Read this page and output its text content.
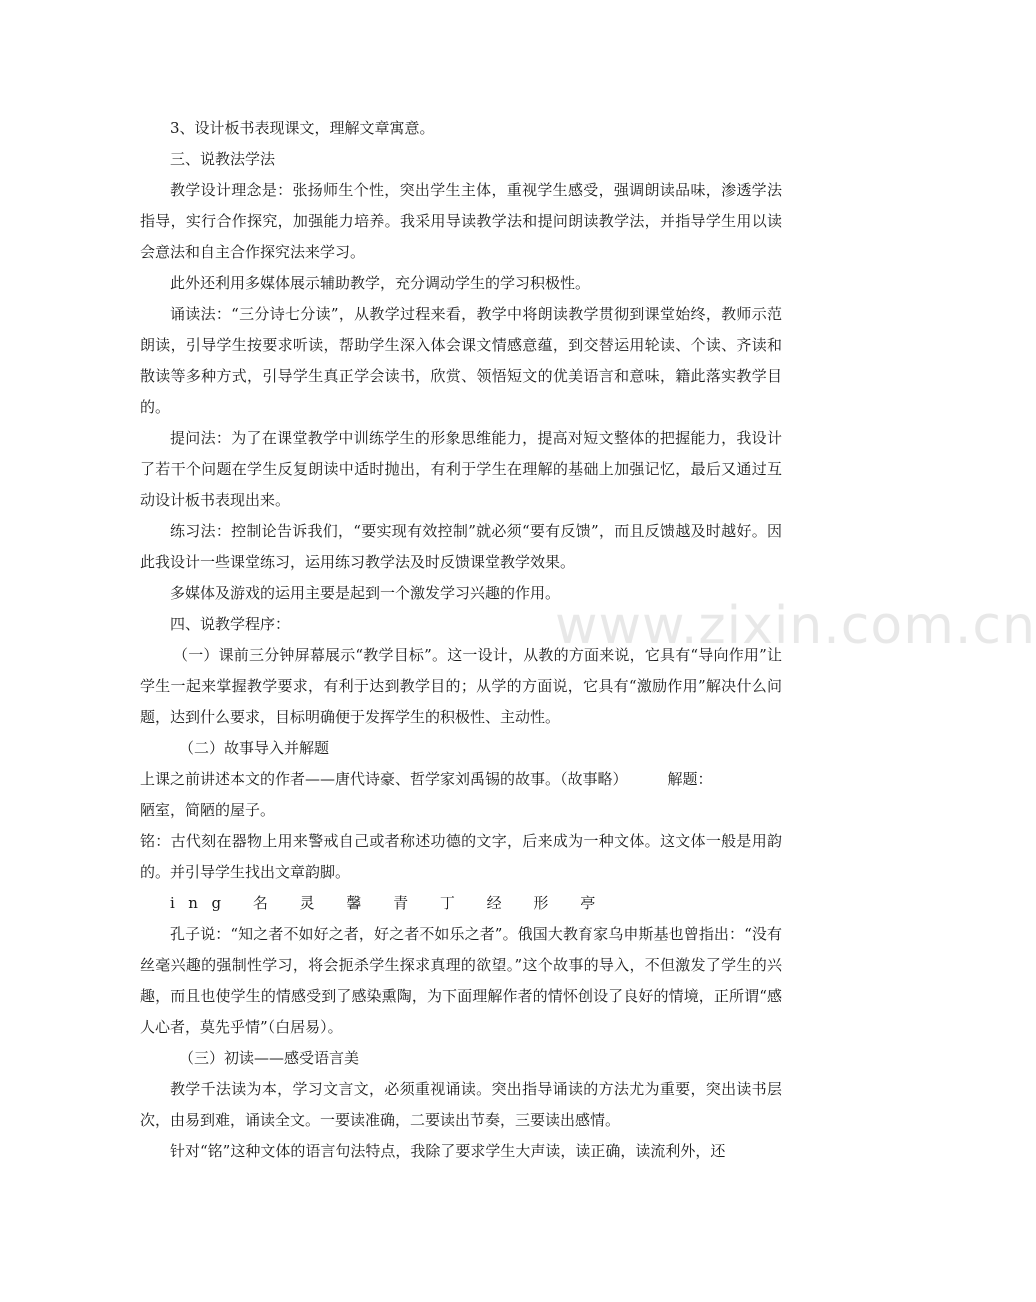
3、设计板书表现课文，理解文章寓意。

三、说教法学法

教学设计理念是：张扬师生个性，突出学生主体，重视学生感受，强调朗读品味，渗透学法指导，实行合作探究，加强能力培养。我采用导读教学法和提问朗读教学法，并指导学生用以读会意法和自主合作探究法来学习。

此外还利用多媒体展示辅助教学，充分调动学生的学习积极性。

诵读法：“三分诗七分读”，从教学过程来看，教学中将朗读教学贯彻到课堂始终，教师示范朗读，引导学生按要求听读，帮助学生深入体会课文情感意蕴，到交替运用轮读、个读、齐读和散读等多种方式，引导学生真正学会读书，欣赏、领悟短文的优美语言和意味，籍此落实教学目的。

提问法：为了在课堂教学中训练学生的形象思维能力，提高对短文整体的把握能力，我设计了若干个问题在学生反复朗读中适时抛出，有利于学生在理解的基础上加强记忆，最后又通过互动设计板书表现出来。

练习法：控制论告诉我们，“要实现有效控制”就必须“要有反馈”，而且反馈越及时越好。因此我设计一些课堂练习，运用练习教学法及时反馈课堂教学效果。

多媒体及游戏的运用主要是起到一个激发学习兴趣的作用。

四、说教学程序：

（一）课前三分钟屏幕展示“教学目标”。这一设计，从教的方面来说，它具有“导向作用”让学生一起来掌握教学要求，有利于达到教学目的；从学的方面说，它具有“激励作用”解决什么问题，达到什么要求，目标明确便于发挥学生的积极性、主动性。

（二）故事导入并解题

上课之前讲述本文的作者——唐代诗豪、哲学家刘禹锡的故事。（故事略）	解题：

陋室，简陋的屋子。

铭：古代刻在器物上用来警戒自己或者称述功德的文字，后来成为一种文体。这文体一般是用韵的。并引导学生找出文章韵脚。

ing 名 灵 馨 青 丁 经 形 亭

孔子说：“知之者不如好之者，好之者不如乐之者”。俄国大教育家乌申斯基也曾指出：“没有丝毫兴趣的强制性学习，将会扼杀学生探求真理的欲望。”这个故事的导入，不但激发了学生的兴趣，而且也使学生的情感受到了感染熏陶，为下面理解作者的情怀创设了良好的情境，正所谓“感人心者，莫先乎情”（白居易）。

（三）初读——感受语言美

教学千法读为本，学习文言文，必须重视诵读。突出指导诵读的方法尤为重要，突出读书层次，由易到难，诵读全文。一要读准确，二要读出节奏，三要读出感情。

针对“铭”这种文体的语言句法特点，我除了要求学生大声读，读正确，读流利外，还

www.zixin.com.cn
